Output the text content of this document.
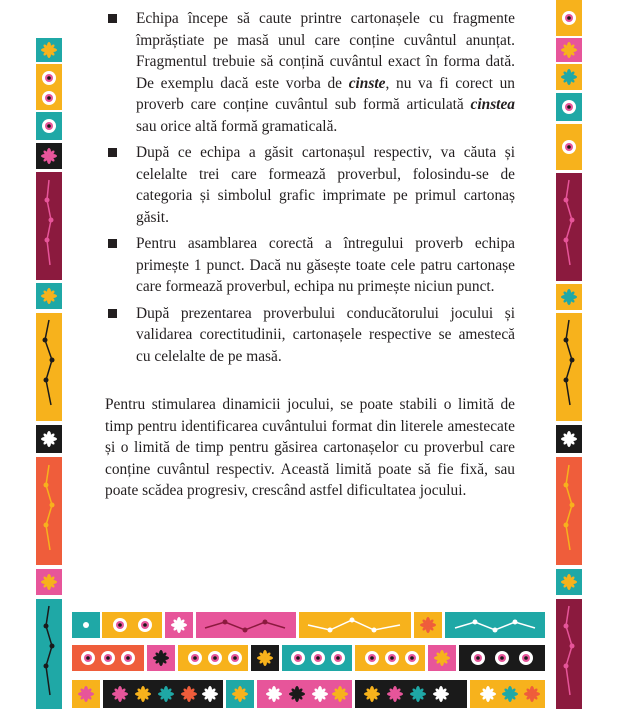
Echipa începe să caute printre cartonașele cu fragmente împrăștiate pe masă unul care conține cuvântul anunțat. Fragmentul trebuie să conțină cuvântul exact în forma dată. De exemplu dacă este vorba de cinste, nu va fi corect un proverb care conține cuvântul sub formă articulată cinstea sau orice altă formă gramaticală.
După ce echipa a găsit cartonașul respectiv, va căuta și celelalte trei care formează proverbul, folosindu-se de categoria și simbolul grafic imprimate pe primul cartonaș găsit.
Pentru asamblarea corectă a întregului proverb echipa primește 1 punct. Dacă nu găsește toate cele patru cartonașe care formează proverbul, echipa nu primește niciun punct.
După prezentarea proverbului conducătorului jocului și validarea corectitudinii, cartonașele respective se amestecă cu celelalte de pe masă.

Pentru stimularea dinamicii jocului, se poate stabili o limită de timp pentru identificarea cuvântului format din literele amestecate și o limită de timp pentru găsirea cartonașelor cu proverbul care conține cuvântul respectiv. Această limită poate să fie fixă, sau poate scădea progresiv, crescând astfel dificultatea jocului.
